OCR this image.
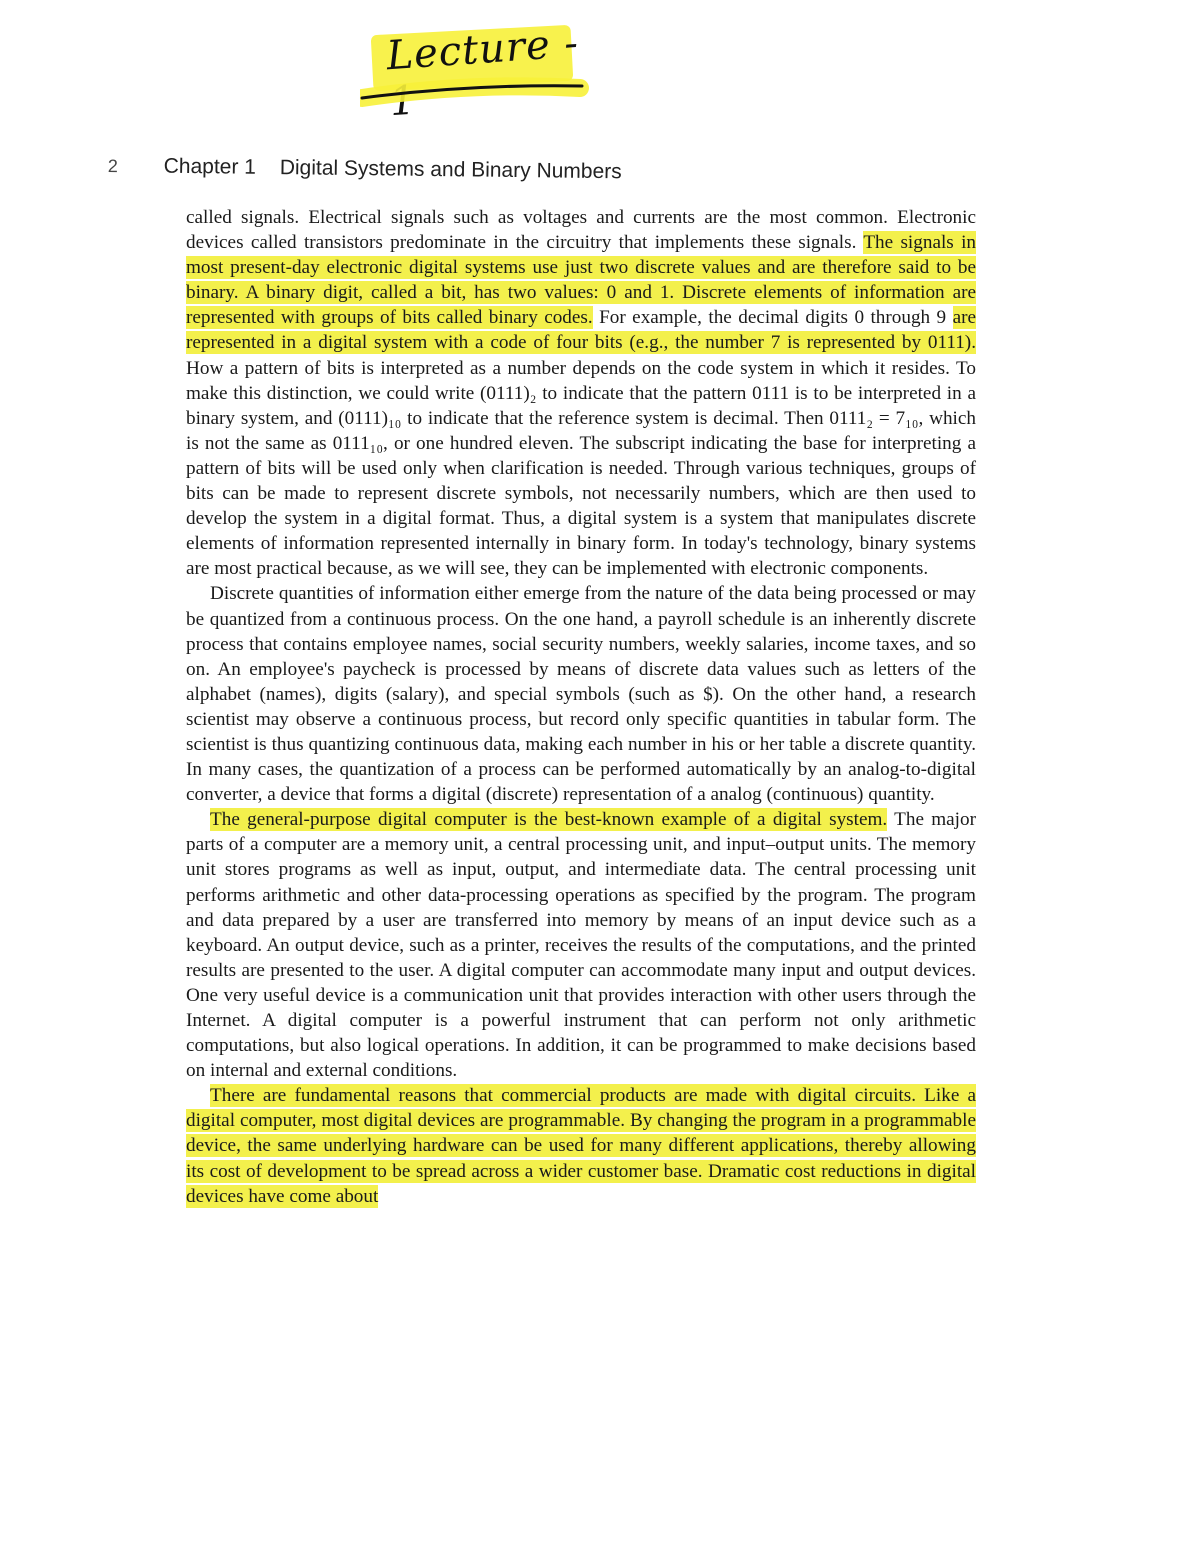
Lecture - 1
2 Chapter 1 Digital Systems and Binary Numbers

called signals. Electrical signals such as voltages and currents are the most common. Electronic devices called transistors predominate in the circuitry that implements these signals. The signals in most present-day electronic digital systems use just two discrete values and are therefore said to be binary. A binary digit, called a bit, has two values: 0 and 1. Discrete elements of information are represented with groups of bits called binary codes. For example, the decimal digits 0 through 9 are represented in a digital system with a code of four bits (e.g., the number 7 is represented by 0111). How a pattern of bits is interpreted as a number depends on the code system in which it resides. To make this distinction, we could write (0111)₂ to indicate that the pattern 0111 is to be interpreted in a binary system, and (0111)₁₀ to indicate that the reference system is decimal. Then 0111₂ = 7₁₀, which is not the same as 0111₁₀, or one hundred eleven. The subscript indicating the base for interpreting a pattern of bits will be used only when clarification is needed. Through various techniques, groups of bits can be made to represent discrete symbols, not necessarily numbers, which are then used to develop the system in a digital format. Thus, a digital system is a system that manipulates discrete elements of information represented internally in binary form. In today's technology, binary systems are most practical because, as we will see, they can be implemented with electronic components.

Discrete quantities of information either emerge from the nature of the data being processed or may be quantized from a continuous process. On the one hand, a payroll schedule is an inherently discrete process that contains employee names, social security numbers, weekly salaries, income taxes, and so on. An employee's paycheck is processed by means of discrete data values such as letters of the alphabet (names), digits (salary), and special symbols (such as $). On the other hand, a research scientist may observe a continuous process, but record only specific quantities in tabular form. The scientist is thus quantizing continuous data, making each number in his or her table a discrete quantity. In many cases, the quantization of a process can be performed automatically by an analog-to-digital converter, a device that forms a digital (discrete) representation of a analog (continuous) quantity.

The general-purpose digital computer is the best-known example of a digital system. The major parts of a computer are a memory unit, a central processing unit, and input–output units. The memory unit stores programs as well as input, output, and intermediate data. The central processing unit performs arithmetic and other data-processing operations as specified by the program. The program and data prepared by a user are transferred into memory by means of an input device such as a keyboard. An output device, such as a printer, receives the results of the computations, and the printed results are presented to the user. A digital computer can accommodate many input and output devices. One very useful device is a communication unit that provides interaction with other users through the Internet. A digital computer is a powerful instrument that can perform not only arithmetic computations, but also logical operations. In addition, it can be programmed to make decisions based on internal and external conditions.

There are fundamental reasons that commercial products are made with digital circuits. Like a digital computer, most digital devices are programmable. By changing the program in a programmable device, the same underlying hardware can be used for many different applications, thereby allowing its cost of development to be spread across a wider customer base. Dramatic cost reductions in digital devices have come about
